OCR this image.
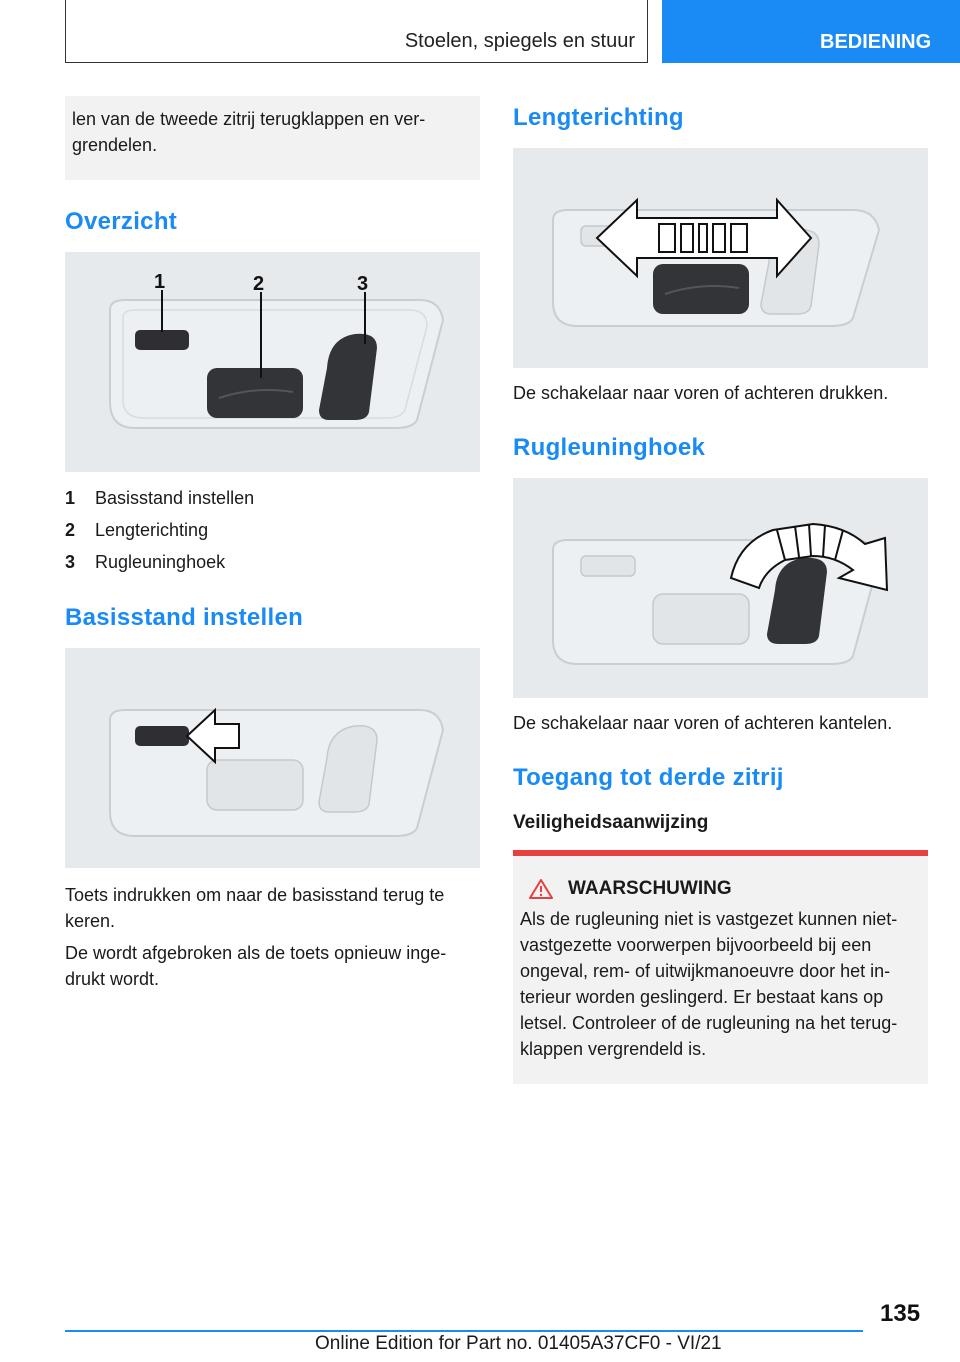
Stoelen, spiegels en stuur	BEDIENING
len van de tweede zitrij terugklappen en ver-grendelen.
Overzicht
1	2	3
1	Basisstand instellen
2	Lengterichting
3	Rugleuninghoek
Basisstand instellen

Toets indrukken om naar de basisstand terug te keren.

De wordt afgebroken als de toets opnieuw inge-drukt wordt.

Lengterichting

De schakelaar naar voren of achteren drukken.

Rugleuninghoek

De schakelaar naar voren of achteren kantelen.

Toegang tot derde zitrij
Veiligheidsaanwijzing
WAARSCHUWING
Als de rugleuning niet is vastgezet kunnen niet-vastgezette voorwerpen bijvoorbeeld bij een ongeval, rem- of uitwijkmanoeuvre door het in-terieur worden geslingerd. Er bestaat kans op letsel. Controleer of de rugleuning na het terug-klappen vergrendeld is.
135
Online Edition for Part no. 01405A37CF0 - VI/21
